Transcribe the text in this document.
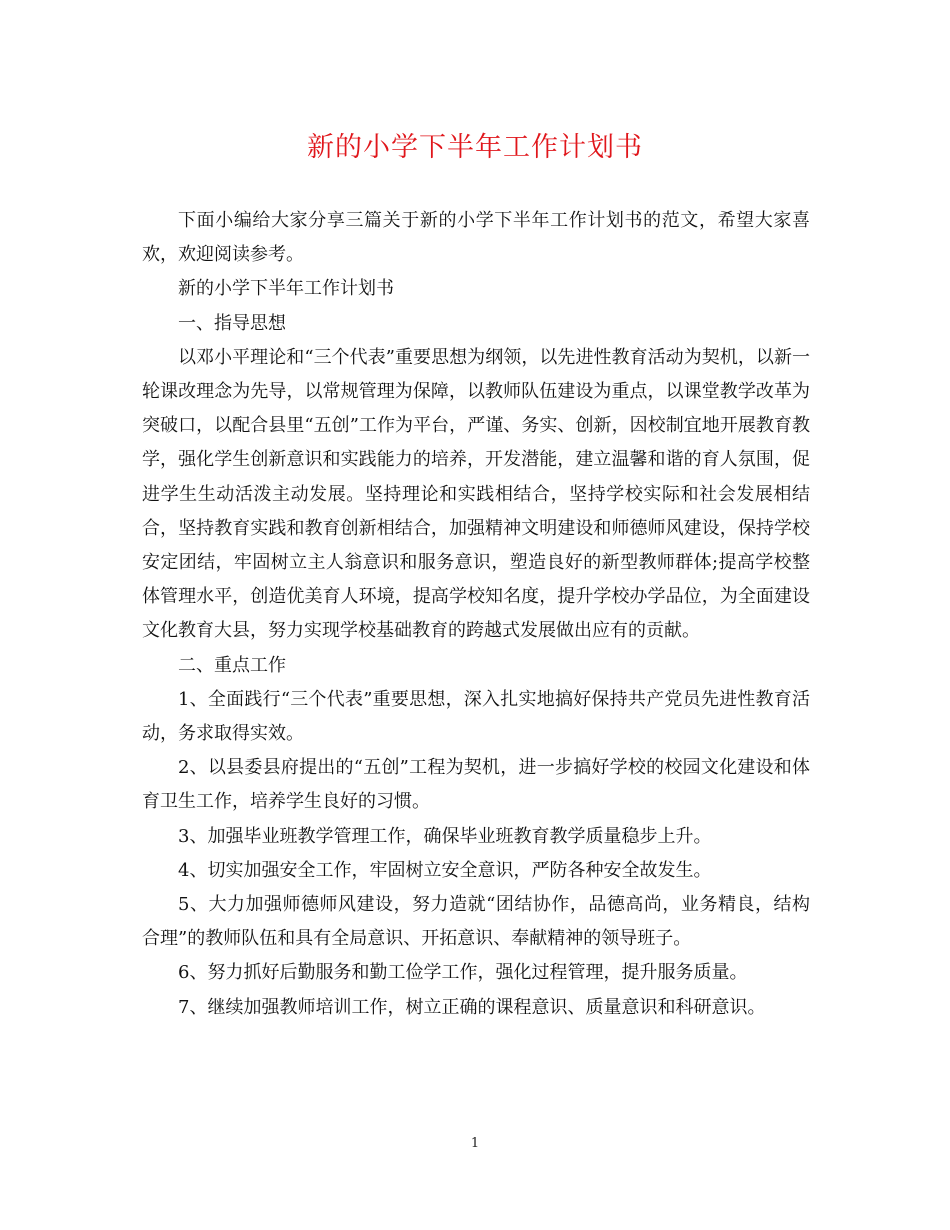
新的小学下半年工作计划书

下面小编给大家分享三篇关于新的小学下半年工作计划书的范文，希望大家喜欢，欢迎阅读参考。

新的小学下半年工作计划书

一、指导思想

以邓小平理论和“三个代表”重要思想为纲领，以先进性教育活动为契机，以新一轮课改理念为先导，以常规管理为保障，以教师队伍建设为重点，以课堂教学改革为突破口，以配合县里“五创”工作为平台，严谨、务实、创新，因校制宜地开展教育教学，强化学生创新意识和实践能力的培养，开发潜能，建立温馨和谐的育人氛围，促进学生生动活泼主动发展。坚持理论和实践相结合，坚持学校实际和社会发展相结合，坚持教育实践和教育创新相结合，加强精神文明建设和师德师风建设，保持学校安定团结，牢固树立主人翁意识和服务意识，塑造良好的新型教师群体;提高学校整体管理水平，创造优美育人环境，提高学校知名度，提升学校办学品位，为全面建设文化教育大县，努力实现学校基础教育的跨越式发展做出应有的贡献。

二、重点工作

1、全面践行“三个代表”重要思想，深入扎实地搞好保持共产党员先进性教育活动，务求取得实效。

2、以县委县府提出的“五创”工程为契机，进一步搞好学校的校园文化建设和体育卫生工作，培养学生良好的习惯。

3、加强毕业班教学管理工作，确保毕业班教育教学质量稳步上升。

4、切实加强安全工作，牢固树立安全意识，严防各种安全故发生。

5、大力加强师德师风建设，努力造就“团结协作，品德高尚，业务精良，结构合理”的教师队伍和具有全局意识、开拓意识、奉献精神的领导班子。

6、努力抓好后勤服务和勤工俭学工作，强化过程管理，提升服务质量。

7、继续加强教师培训工作，树立正确的课程意识、质量意识和科研意识。

1
